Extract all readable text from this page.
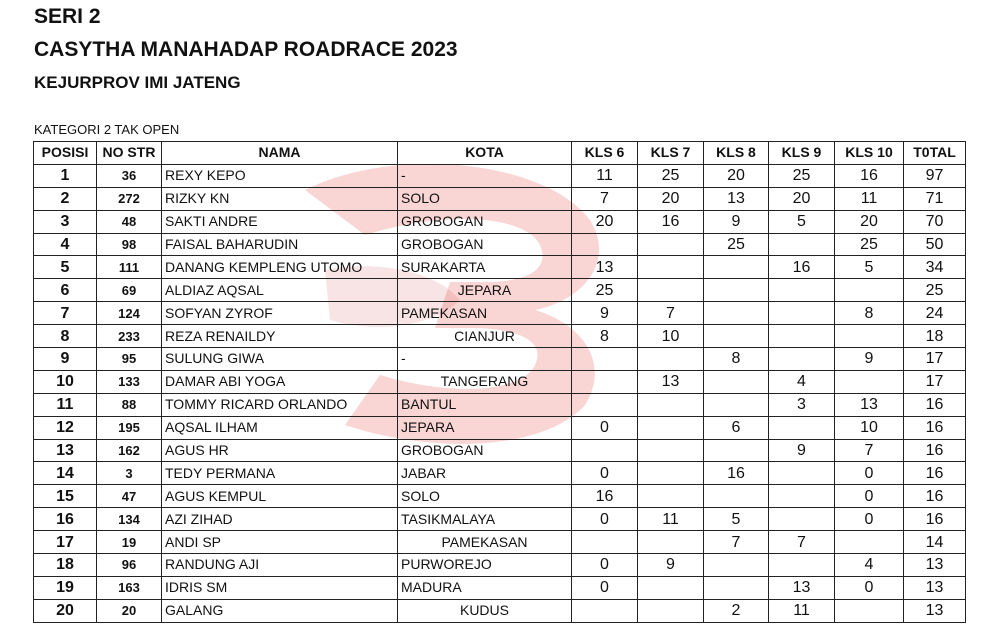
SERI 2
CASYTHA MANAHADAP ROADRACE 2023
KEJURPROV IMI JATENG
KATEGORI 2 TAK OPEN
POSISI	NO STR	NAMA	KOTA	KLS 6	KLS 7	KLS 8	KLS 9	KLS 10	T0TAL
1	36	REXY KEPO	-	11	25	20	25	16	97
2	272	RIZKY KN	SOLO	7	20	13	20	11	71
3	48	SAKTI ANDRE	GROBOGAN	20	16	9	5	20	70
4	98	FAISAL BAHARUDIN	GROBOGAN			25		25	50
5	111	DANANG KEMPLENG UTOMO	SURAKARTA	13			16	5	34
6	69	ALDIAZ AQSAL	JEPARA	25					25
7	124	SOFYAN ZYROF	PAMEKASAN	9	7			8	24
8	233	REZA RENAILDY	CIANJUR	8	10				18
9	95	SULUNG GIWA	-			8		9	17
10	133	DAMAR ABI YOGA	TANGERANG		13		4		17
11	88	TOMMY RICARD ORLANDO	BANTUL				3	13	16
12	195	AQSAL ILHAM	JEPARA	0		6		10	16
13	162	AGUS HR	GROBOGAN				9	7	16
14	3	TEDY PERMANA	JABAR	0		16		0	16
15	47	AGUS KEMPUL	SOLO	16				0	16
16	134	AZI ZIHAD	TASIKMALAYA	0	11	5		0	16
17	19	ANDI SP	PAMEKASAN			7	7		14
18	96	RANDUNG AJI	PURWOREJO	0	9			4	13
19	163	IDRIS SM	MADURA	0			13	0	13
20	20	GALANG	KUDUS			2	11		13
